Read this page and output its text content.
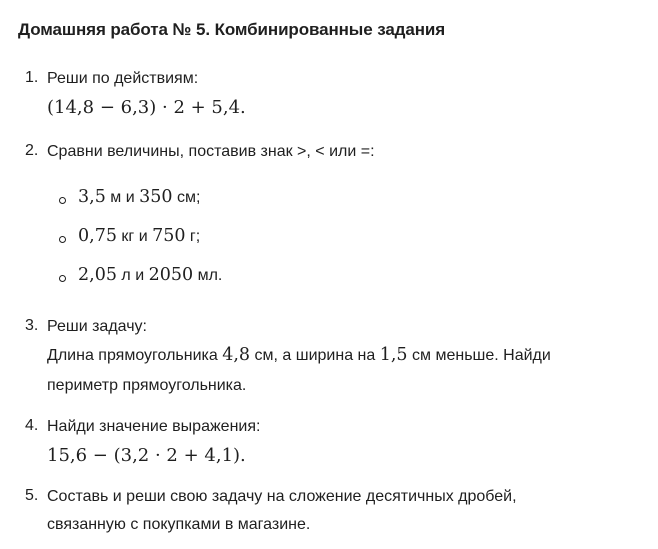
Домашняя работа № 5. Комбинированные задания
1. Реши по действиям:
(14,8 − 6,3) · 2 + 5,4.
2. Сравни величины, поставив знак >, < или =:
3,5 м и 350 см;
0,75 кг и 750 г;
2,05 л и 2050 мл.
3. Реши задачу:
Длина прямоугольника 4,8 см, а ширина на 1,5 см меньше. Найди
периметр прямоугольника.
4. Найди значение выражения:
15,6 − (3,2 · 2 + 4,1).
5. Составь и реши свою задачу на сложение десятичных дробей,
связанную с покупками в магазине.
